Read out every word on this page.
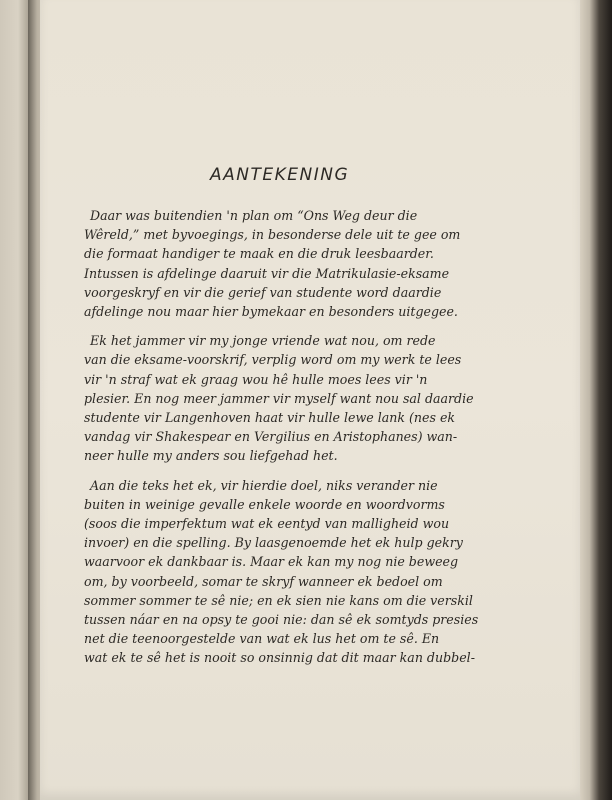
AANTEKENING

Daar was buitendien 'n plan om “Ons Weg deur die
Wêreld,” met byvoegings, in besonderse dele uit te gee om
die formaat handiger te maak en die druk leesbaarder.
Intussen is afdelinge daaruit vir die Matrikulasie-eksame
voorgeskryf en vir die gerief van studente word daardie
afdelinge nou maar hier bymekaar en besonders uitgegee.

Ek het jammer vir my jonge vriende wat nou, om rede
van die eksame-voorskrif, verplig word om my werk te lees
vir 'n straf wat ek graag wou hê hulle moes lees vir 'n
plesier. En nog meer jammer vir myself want nou sal daardie
studente vir Langenhoven haat vir hulle lewe lank (nes ek
vandag vir Shakespear en Vergilius en Aristophanes) wan-
neer hulle my anders sou liefgehad het.

Aan die teks het ek, vir hierdie doel, niks verander nie
buiten in weinige gevalle enkele woorde en woordvorms
(soos die imperfektum wat ek eentyd van malligheid wou
invoer) en die spelling. By laasgenoemde het ek hulp gekry
waarvoor ek dankbaar is. Maar ek kan my nog nie beweeg
om, by voorbeeld, somar te skryf wanneer ek bedoel om
sommer sommer te sê nie; en ek sien nie kans om die verskil
tussen náar en na opsy te gooi nie: dan sê ek somtyds presies
net die teenoorgestelde van wat ek lus het om te sê. En
wat ek te sê het is nooit so onsinnig dat dit maar kan dubbel-
